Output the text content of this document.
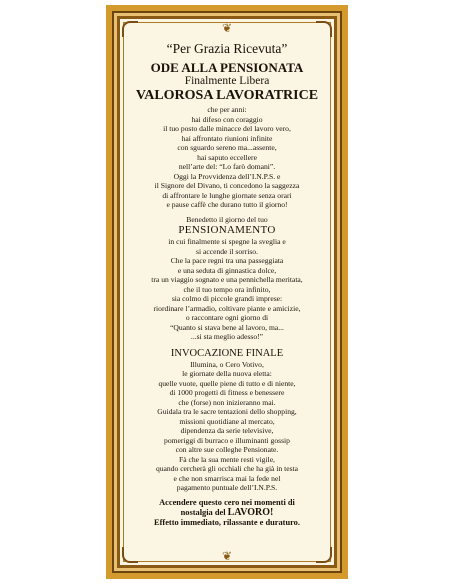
❦
“Per Grazia Ricevuta”
ODE ALLA PENSIONATA
Finalmente Libera
VALOROSA LAVORATRICE
che per anni:
hai difeso con coraggio
il tuo posto dalle minacce del lavoro vero,
hai affrontato riunioni infinite
con sguardo sereno ma...assente,
hai saputo eccellere
nell’arte del: “Lo farò domani”.
Oggi la Provvidenza dell’I.N.P.S. e
il Signore del Divano, ti concedono la saggezza
di affrontare le lunghe giornate senza orari
e pause caffè che durano tutto il giorno!
Benedetto il giorno del tuo
PENSIONAMENTO
in cui finalmente si spegne la sveglia e
si accende il sorriso.
Che la pace regni tra una passeggiata
e una seduta di ginnastica dolce,
tra un viaggio sognato e una pennichella meritata,
che il tuo tempo ora infinito,
sia colmo di piccole grandi imprese:
riordinare l’armadio, coltivare piante e amicizie,
o raccontare ogni giorno di
“Quanto si stava bene al lavoro, ma...
...si sta meglio adesso!”
INVOCAZIONE FINALE
Illumina, o Cero Votivo,
le giornate della nuova eletta:
quelle vuote, quelle piene di tutto e di niente,
di 1000 progetti di fitness e benessere
che (forse) non inizieranno mai.
Guidala tra le sacre tentazioni dello shopping,
missioni quotidiane al mercato,
dipendenza da serie televisive,
pomeriggi di burraco e illuminanti gossip
con altre sue colleghe Pensionate.
Fà che la sua mente resti vigile,
quando cercherà gli occhiali che ha già in testa
e che non smarrisca mai la fede nel
pagamento puntuale dell’I.N.P.S.
Accendere questo cero nei momenti di
nostalgia del LAVORO!
Effetto immediato, rilassante e duraturo.
❦
